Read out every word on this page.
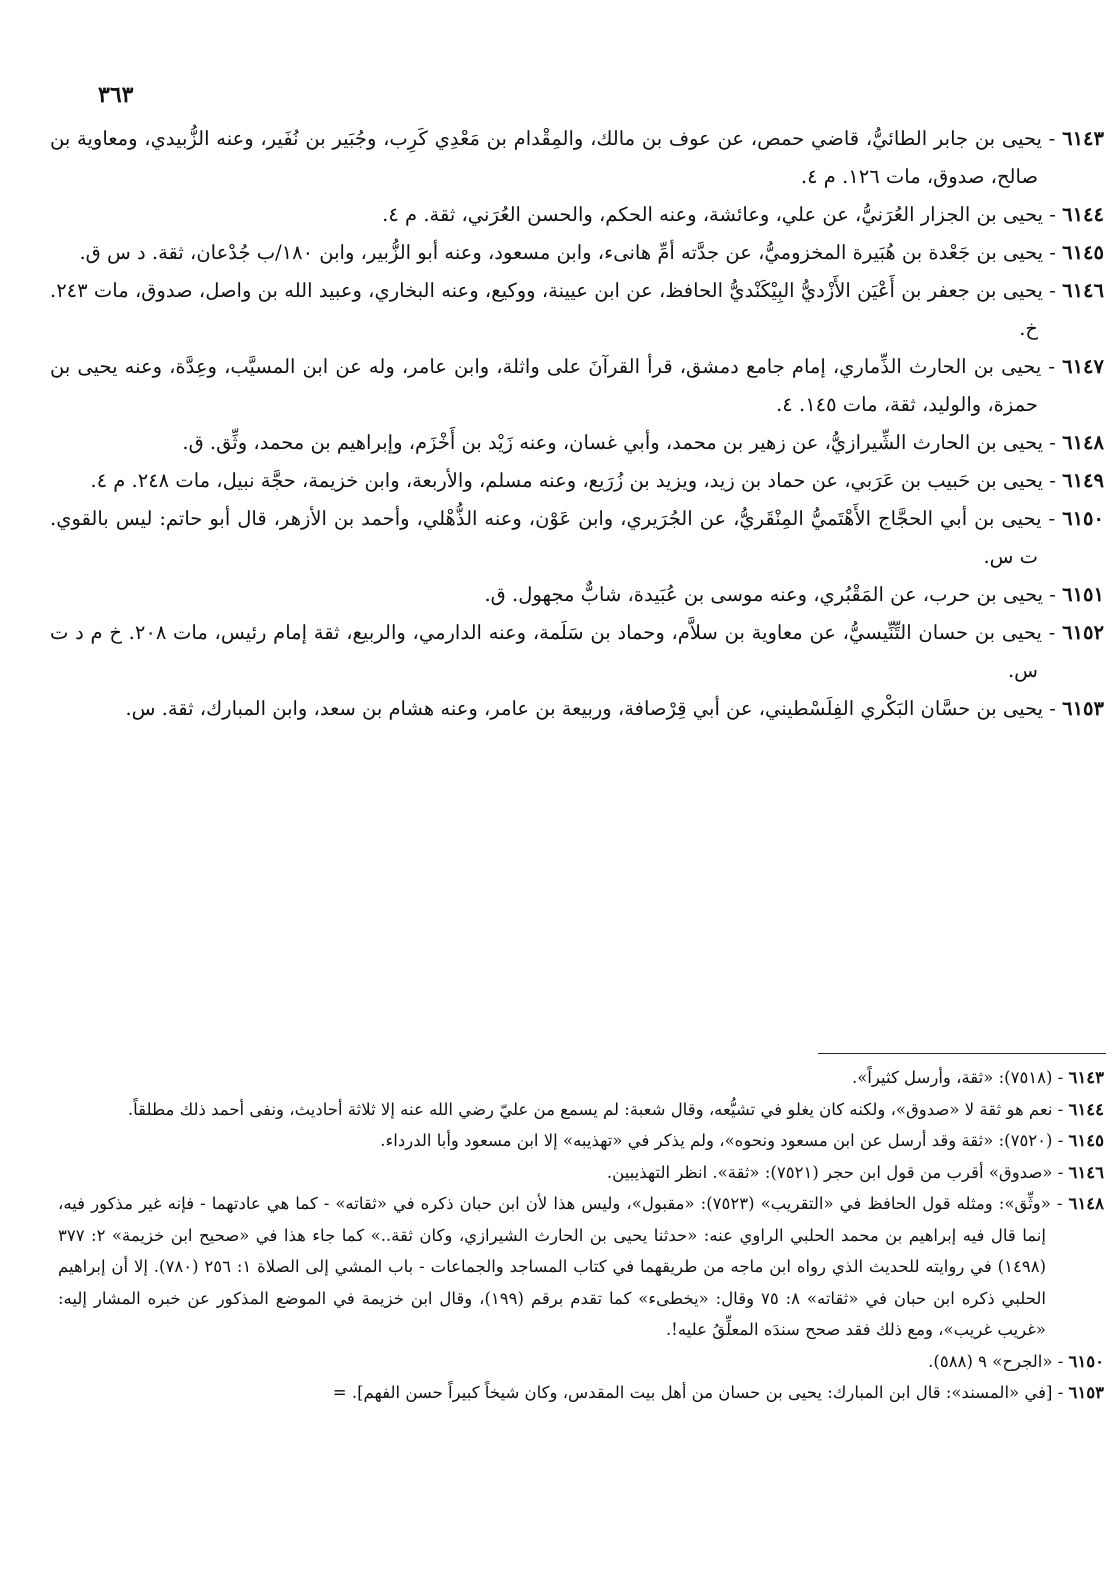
٣٦٣
٦١٤٣ - يحيى بن جابر الطائيُّ، قاضي حمص، عن عوف بن مالك، والمِقْدام بن مَعْدِي كَرِب، وجُبَير بن نُفَير، وعنه الزُّبيدي، ومعاوية بن صالح، صدوق، مات ١٢٦. م ٤.
٦١٤٤ - يحيى بن الجزار العُرَنيُّ، عن علي، وعائشة، وعنه الحكم، والحسن العُرَني، ثقة. م ٤.
٦١٤٥ - يحيى بن جَعْدة بن هُبَيرة المخزوميُّ، عن جدَّته أمِّ هانىء، وابن مسعود، وعنه أبو الزُّبير، وابن ١٨٠/ب جُدْعان، ثقة. د س ق.
٦١٤٦ - يحيى بن جعفر بن أَعْيَن الأَزْديُّ البِيْكَنْديُّ الحافظ، عن ابن عيينة، ووكيع، وعنه البخاري، وعبيد الله بن واصل، صدوق، مات ٢٤٣. خ.
٦١٤٧ - يحيى بن الحارث الذِّماري، إمام جامع دمشق، قرأ القرآنَ على واثلة، وابن عامر، وله عن ابن المسيَّب، وعِدَّة، وعنه يحيى بن حمزة، والوليد، ثقة، مات ١٤٥. ٤.
٦١٤٨ - يحيى بن الحارث الشِّيرازيُّ، عن زهير بن محمد، وأبي غسان، وعنه زَيْد بن أَخْزَم، وإبراهيم بن محمد، وثِّق. ق.
٦١٤٩ - يحيى بن حَبيب بن عَرَبي، عن حماد بن زيد، ويزيد بن زُرَيع، وعنه مسلم، والأربعة، وابن خزيمة، حجَّة نبيل، مات ٢٤٨. م ٤.
٦١٥٠ - يحيى بن أبي الحجَّاج الأَهْتَميُّ المِنْقَريُّ، عن الجُرَيري، وابن عَوْن، وعنه الذُّهْلي، وأحمد بن الأزهر، قال أبو حاتم: ليس بالقوي. ت س.
٦١٥١ - يحيى بن حرب، عن المَقْبُري، وعنه موسى بن عُبَيدة، شابٌّ مجهول. ق.
٦١٥٢ - يحيى بن حسان التِّنِّيسيُّ، عن معاوية بن سلاَّم، وحماد بن سَلَمة، وعنه الدارمي، والربيع، ثقة إمام رئيس، مات ٢٠٨. خ م د ت س.
٦١٥٣ - يحيى بن حسَّان البَكْري الفِلَسْطيني، عن أبي قِرْصافة، وربيعة بن عامر، وعنه هشام بن سعد، وابن المبارك، ثقة. س.
٦١٤٣ - (٧٥١٨): «ثقة، وأرسل كثيراً».
٦١٤٤ - نعم هو ثقة لا «صدوق»، ولكنه كان يغلو في تشيُّعه، وقال شعبة: لم يسمع من عليّ رضي الله عنه إلا ثلاثة أحاديث، ونفى أحمد ذلك مطلقاً.
٦١٤٥ - (٧٥٢٠): «ثقة وقد أرسل عن ابن مسعود ونحوه»، ولم يذكر في «تهذيبه» إلا ابن مسعود وأبا الدرداء.
٦١٤٦ - «صدوق» أقرب من قول ابن حجر (٧٥٢١): «ثقة». انظر التهذيبين.
٦١٤٨ - «وثِّق»: ومثله قول الحافظ في «التقريب» (٧٥٢٣): «مقبول»، وليس هذا لأن ابن حبان ذكره في «ثقاته» - كما هي عادتهما - فإنه غير مذكور فيه، إنما قال فيه إبراهيم بن محمد الحلبي الراوي عنه: «حدثنا يحيى بن الحارث الشيرازي، وكان ثقة..» كما جاء هذا في «صحيح ابن خزيمة» ٢: ٣٧٧ (١٤٩٨) في روايته للحديث الذي رواه ابن ماجه من طريقهما في كتاب المساجد والجماعات - باب المشي إلى الصلاة ١: ٢٥٦ (٧٨٠). إلا أن إبراهيم الحلبي ذكره ابن حبان في «ثقاته» ٨: ٧٥ وقال: «يخطىء» كما تقدم برقم (١٩٩)، وقال ابن خزيمة في الموضع المذكور عن خبره المشار إليه: «غريب غريب»، ومع ذلك فقد صحح سندَه المعلِّقُ عليه!.
٦١٥٠ - «الجرح» ٩ (٥٨٨).
٦١٥٣ - [في «المسند»: قال ابن المبارك: يحيى بن حسان من أهل بيت المقدس، وكان شيخاً كبيراً حسن الفهم]. =
